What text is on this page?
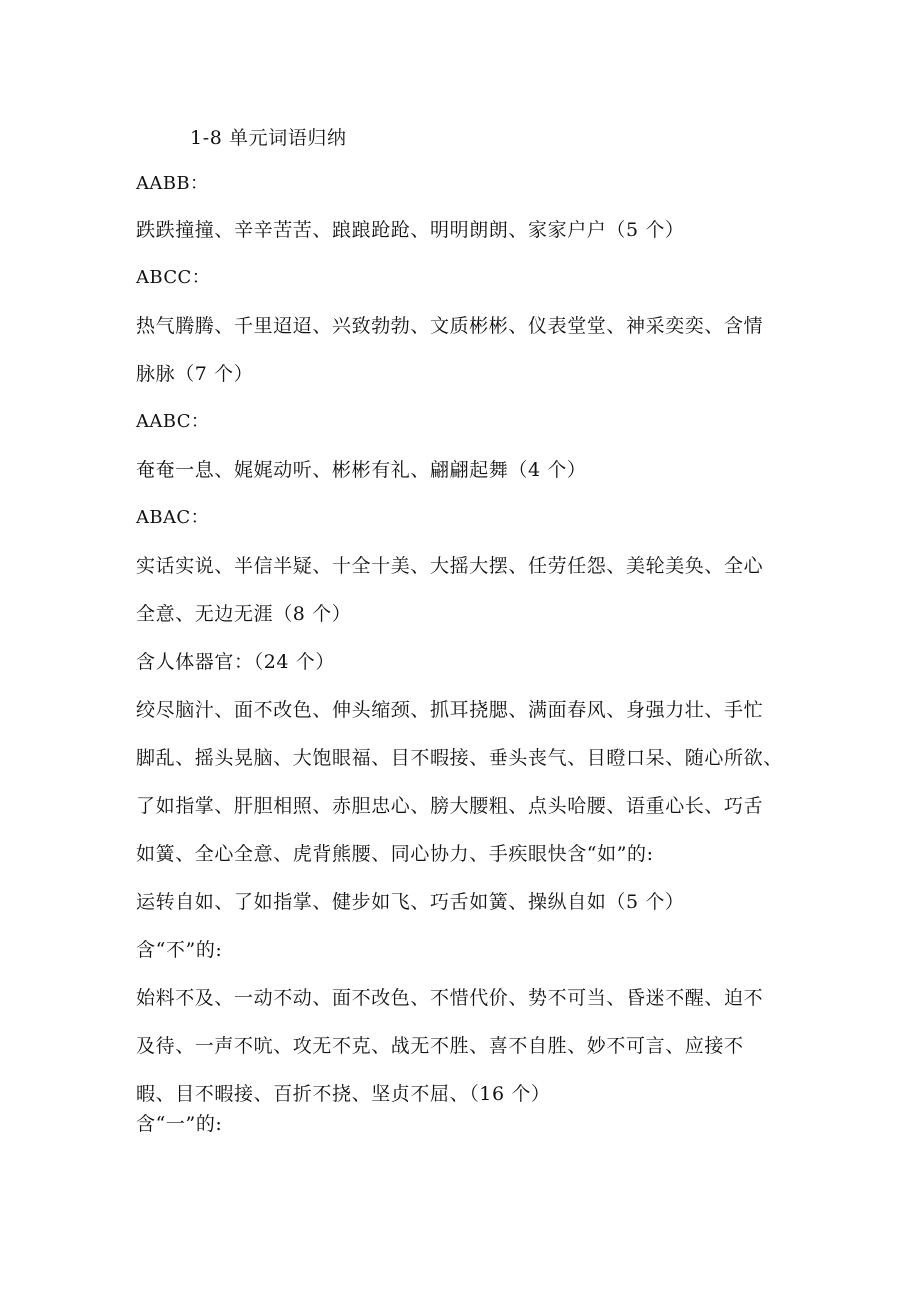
1-8 单元词语归纳
AABB：
跌跌撞撞、辛辛苦苦、踉踉跄跄、明明朗朗、家家户户（5 个）
ABCC：
热气腾腾、千里迢迢、兴致勃勃、文质彬彬、仪表堂堂、神采奕奕、含情
脉脉（7 个）
AABC：
奄奄一息、娓娓动听、彬彬有礼、翩翩起舞（4 个）
ABAC：
实话实说、半信半疑、十全十美、大摇大摆、任劳任怨、美轮美奂、全心
全意、无边无涯（8 个）
含人体器官：（24 个）
绞尽脑汁、面不改色、伸头缩颈、抓耳挠腮、满面春风、身强力壮、手忙
脚乱、摇头晃脑、大饱眼福、目不暇接、垂头丧气、目瞪口呆、随心所欲、
了如指掌、肝胆相照、赤胆忠心、膀大腰粗、点头哈腰、语重心长、巧舌
如簧、全心全意、虎背熊腰、同心协力、手疾眼快含“如”的:
运转自如、了如指掌、健步如飞、巧舌如簧、操纵自如（5 个）
含“不”的:
始料不及、一动不动、面不改色、不惜代价、势不可当、昏迷不醒、迫不
及待、一声不吭、攻无不克、战无不胜、喜不自胜、妙不可言、应接不
暇、目不暇接、百折不挠、坚贞不屈、（16 个）
含“一”的:
